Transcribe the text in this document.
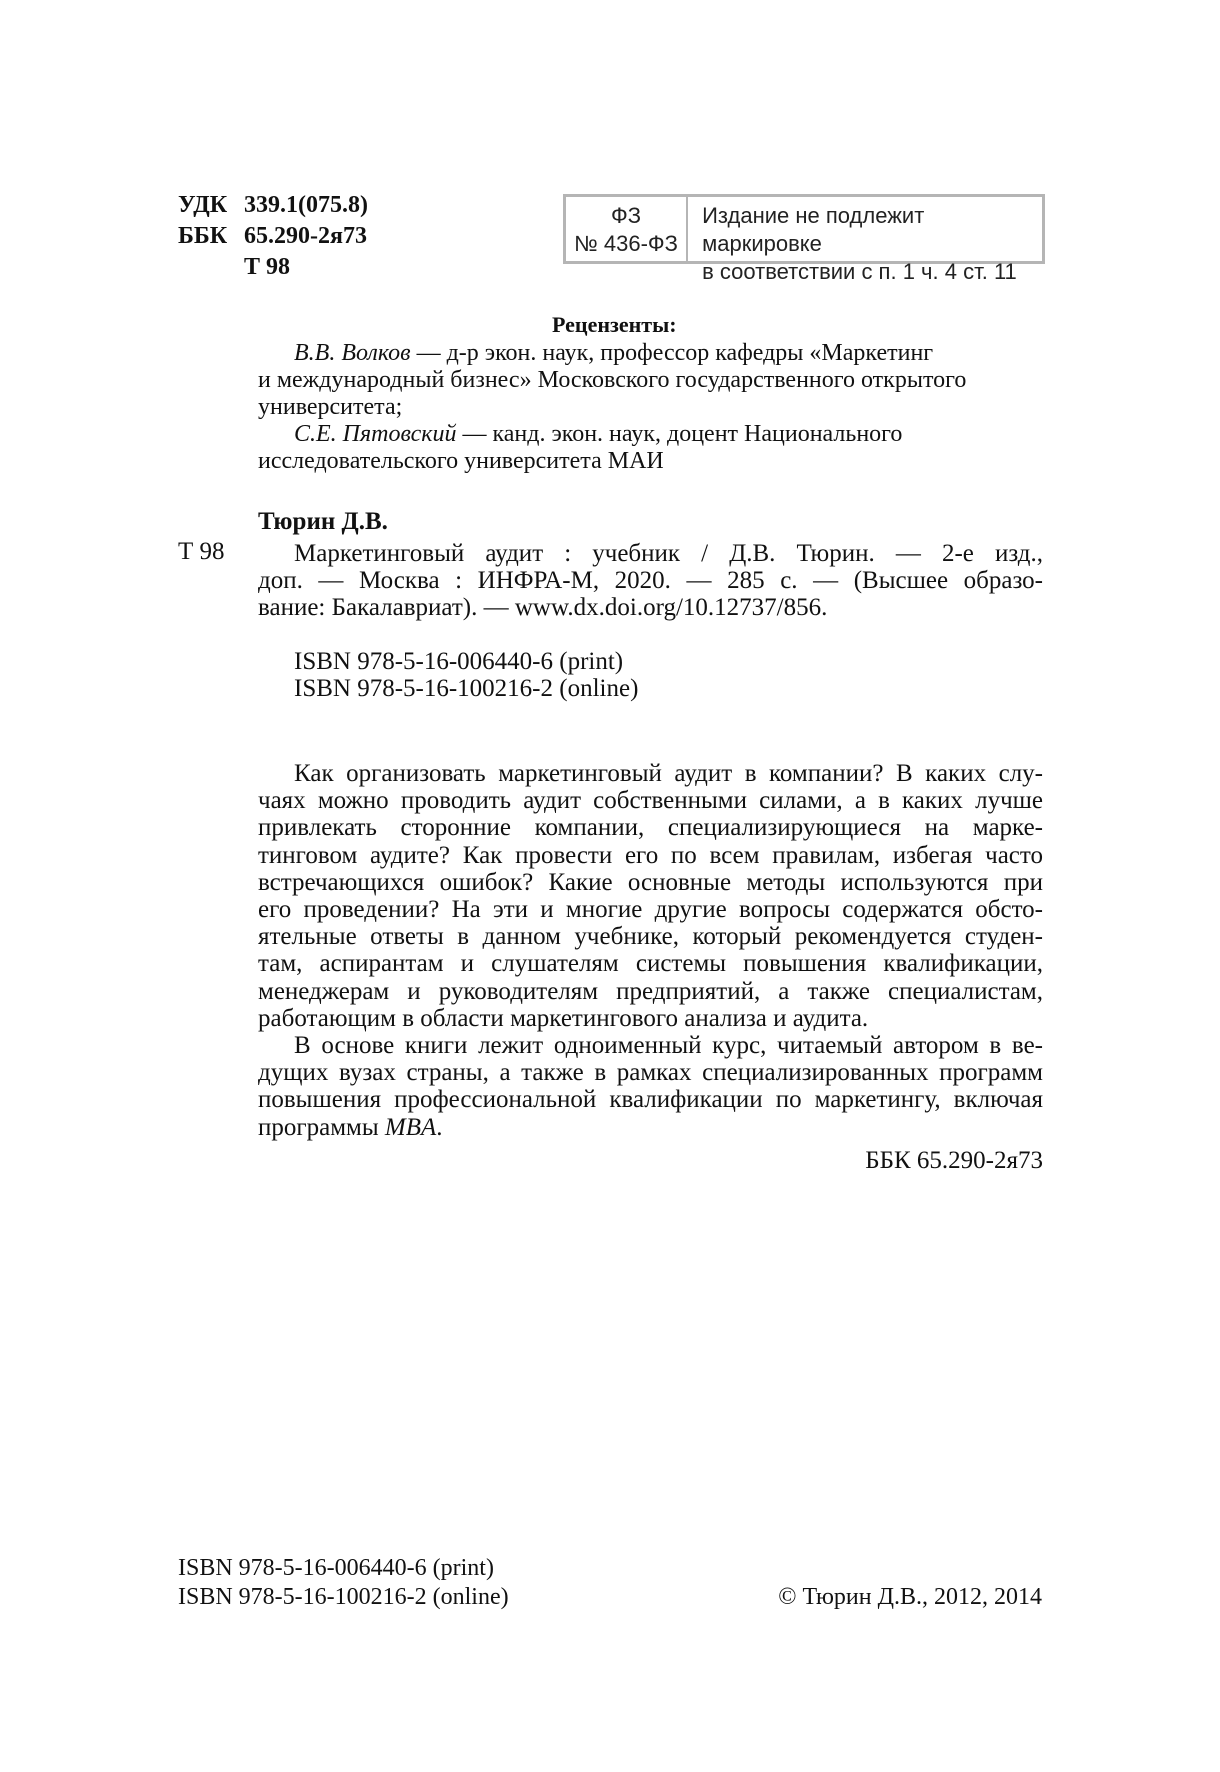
УДК 339.1(075.8)
ББК 65.290-2я73
Т 98
ФЗ
№ 436-ФЗ
Издание не подлежит маркировке
в соответствии с п. 1 ч. 4 ст. 11
Рецензенты:
В.В. Волков — д-р экон. наук, профессор кафедры «Маркетинг
и международный бизнес» Московского государственного открытого
университета;
С.Е. Пятовский — канд. экон. наук, доцент Национального
исследовательского университета МАИ
Тюрин Д.В.
Т 98	Маркетинговый аудит : учебник / Д.В. Тюрин. — 2-е изд.,
доп. — Москва : ИНФРА-М, 2020. — 285 с. — (Высшее образо-
вание: Бакалавриат). — www.dx.doi.org/10.12737/856.
ISBN 978-5-16-006440-6 (print)
ISBN 978-5-16-100216-2 (online)
Как организовать маркетинговый аудит в компании? В каких слу-
чаях можно проводить аудит собственными силами, а в каких лучше
привлекать сторонние компании, специализирующиеся на марке-
тинговом аудите? Как провести его по всем правилам, избегая часто
встречающихся ошибок? Какие основные методы используются при
его проведении? На эти и многие другие вопросы содержатся обсто-
ятельные ответы в данном учебнике, который рекомендуется студен-
там, аспирантам и слушателям системы повышения квалификации,
менеджерам и руководителям предприятий, а также специалистам,
работающим в области маркетингового анализа и аудита.
В основе книги лежит одноименный курс, читаемый автором в ве-
дущих вузах страны, а также в рамках специализированных программ
повышения профессиональной квалификации по маркетингу, включая
программы MBA.
ББК 65.290-2я73
ISBN 978-5-16-006440-6 (print)
ISBN 978-5-16-100216-2 (online)	© Тюрин Д.В., 2012, 2014
